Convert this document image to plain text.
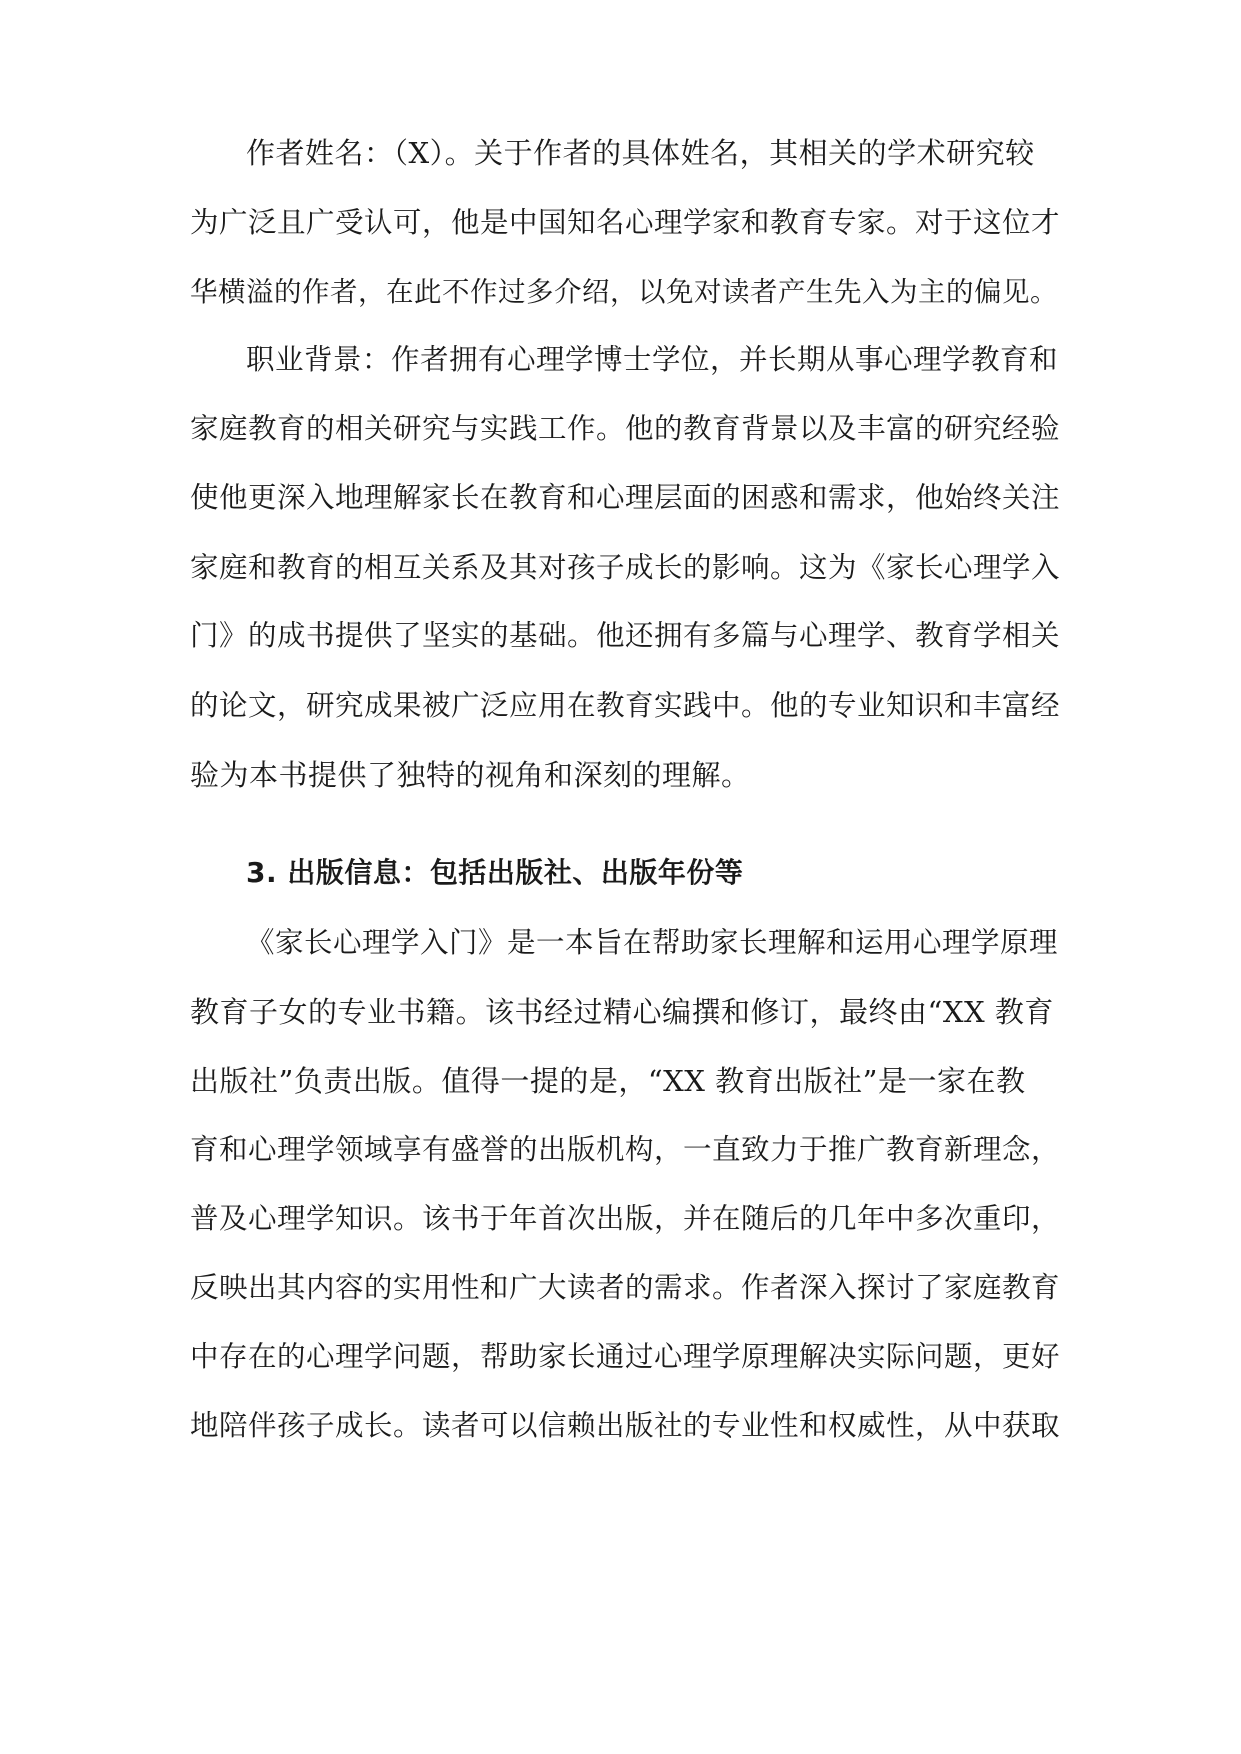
作者姓名：（X）。关于作者的具体姓名，其相关的学术研究较
为广泛且广受认可，他是中国知名心理学家和教育专家。对于这位才
华横溢的作者，在此不作过多介绍，以免对读者产生先入为主的偏见。
职业背景：作者拥有心理学博士学位，并长期从事心理学教育和
家庭教育的相关研究与实践工作。他的教育背景以及丰富的研究经验
使他更深入地理解家长在教育和心理层面的困惑和需求，他始终关注
家庭和教育的相互关系及其对孩子成长的影响。这为《家长心理学入
门》的成书提供了坚实的基础。他还拥有多篇与心理学、教育学相关
的论文，研究成果被广泛应用在教育实践中。他的专业知识和丰富经
验为本书提供了独特的视角和深刻的理解。
3. 出版信息：包括出版社、出版年份等
《家长心理学入门》是一本旨在帮助家长理解和运用心理学原理
教育子女的专业书籍。该书经过精心编撰和修订，最终由“XX 教育
出版社”负责出版。值得一提的是，“XX 教育出版社”是一家在教
育和心理学领域享有盛誉的出版机构，一直致力于推广教育新理念，
普及心理学知识。该书于年首次出版，并在随后的几年中多次重印，
反映出其内容的实用性和广大读者的需求。作者深入探讨了家庭教育
中存在的心理学问题，帮助家长通过心理学原理解决实际问题，更好
地陪伴孩子成长。读者可以信赖出版社的专业性和权威性，从中获取
